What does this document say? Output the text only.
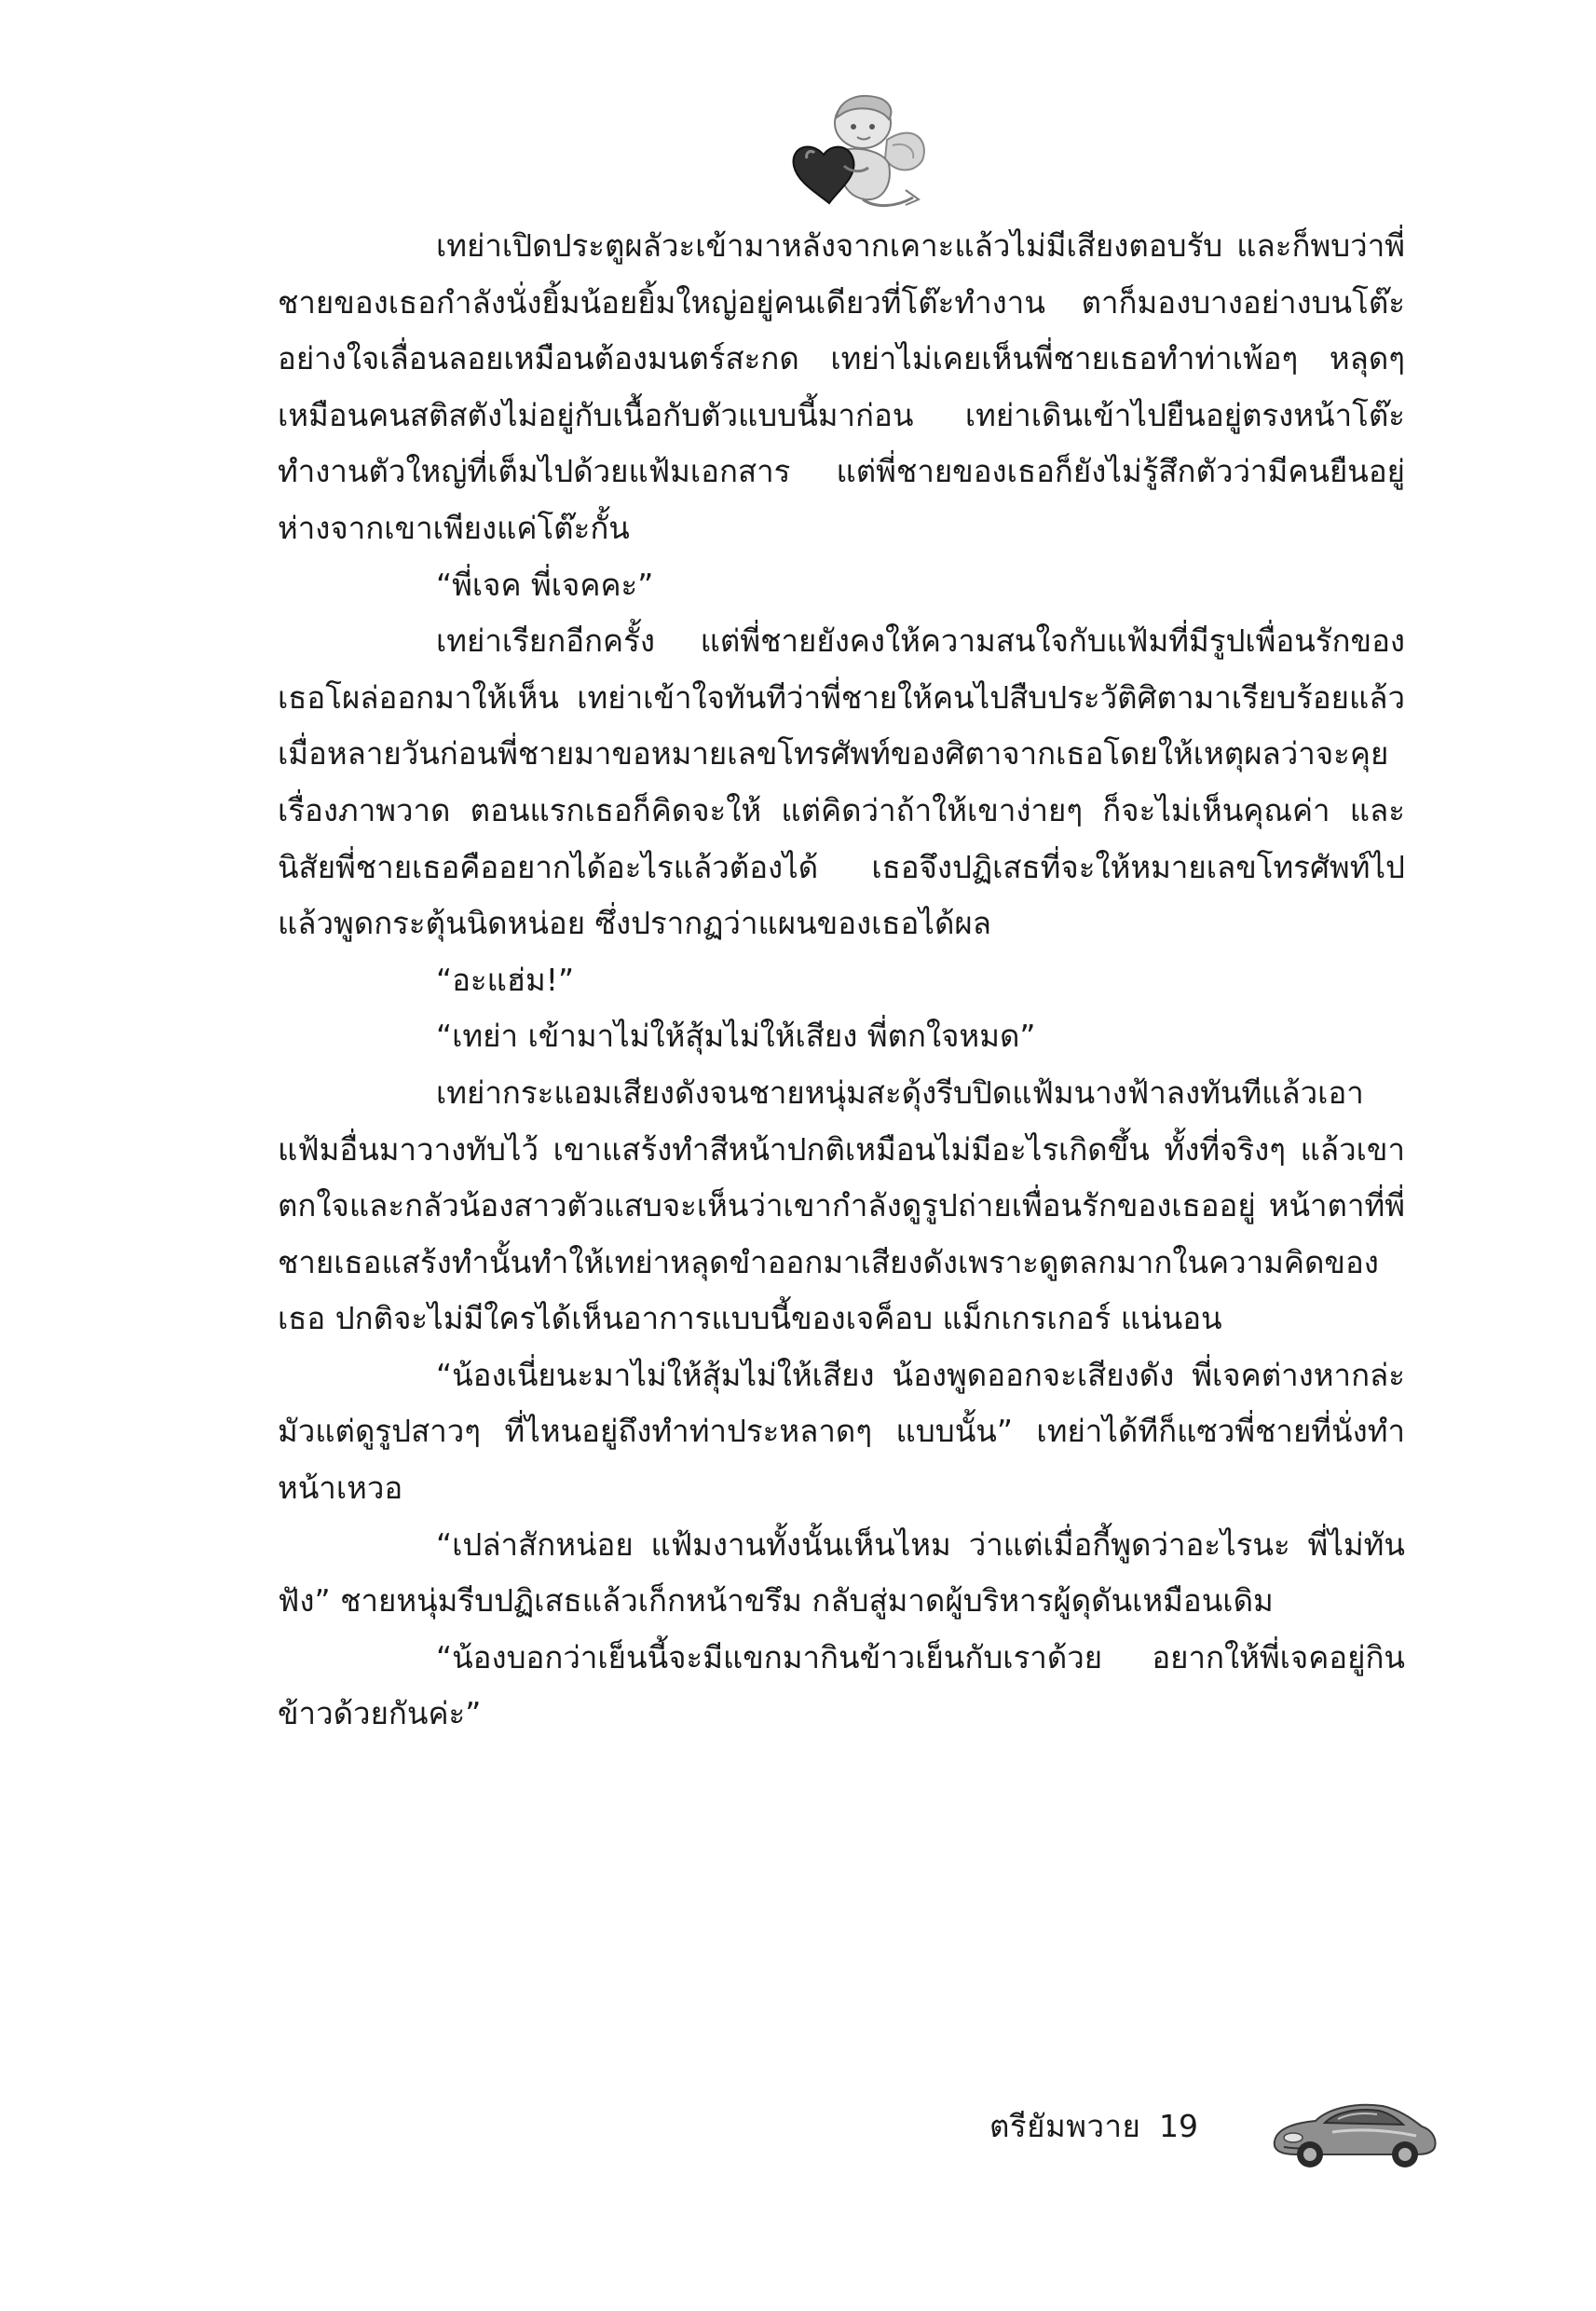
เทย่าเปิดประตูผลัวะเข้ามาหลังจากเคาะแล้วไม่มีเสียงตอบรับ และก็พบว่าพี่ชายของเธอกำลังนั่งยิ้มน้อยยิ้มใหญ่อยู่คนเดียวที่โต๊ะทำงาน ตาก็มองบางอย่างบนโต๊ะอย่างใจเลื่อนลอยเหมือนต้องมนตร์สะกด เทย่าไม่เคยเห็นพี่ชายเธอทำท่าเพ้อๆ หลุดๆ เหมือนคนสติสตังไม่อยู่กับเนื้อกับตัวแบบนี้มาก่อน เทย่าเดินเข้าไปยืนอยู่ตรงหน้าโต๊ะทำงานตัวใหญ่ที่เต็มไปด้วยแฟ้มเอกสาร แต่พี่ชายของเธอก็ยังไม่รู้สึกตัวว่ามีคนยืนอยู่ห่างจากเขาเพียงแค่โต๊ะกั้น

“พี่เจค พี่เจคคะ”

เทย่าเรียกอีกครั้ง แต่พี่ชายยังคงให้ความสนใจกับแฟ้มที่มีรูปเพื่อนรักของเธอโผล่ออกมาให้เห็น เทย่าเข้าใจทันทีว่าพี่ชายให้คนไปสืบประวัติศิตามาเรียบร้อยแล้ว เมื่อหลายวันก่อนพี่ชายมาขอหมายเลขโทรศัพท์ของศิตาจากเธอโดยให้เหตุผลว่าจะคุยเรื่องภาพวาด ตอนแรกเธอก็คิดจะให้ แต่คิดว่าถ้าให้เขาง่ายๆ ก็จะไม่เห็นคุณค่า และนิสัยพี่ชายเธอคืออยากได้อะไรแล้วต้องได้ เธอจึงปฏิเสธที่จะให้หมายเลขโทรศัพท์ไปแล้วพูดกระตุ้นนิดหน่อย ซึ่งปรากฏว่าแผนของเธอได้ผล

“อะแฮ่ม!”

“เทย่า เข้ามาไม่ให้สุ้มไม่ให้เสียง พี่ตกใจหมด”

เทย่ากระแอมเสียงดังจนชายหนุ่มสะดุ้งรีบปิดแฟ้มนางฟ้าลงทันทีแล้วเอาแฟ้มอื่นมาวางทับไว้ เขาแสร้งทำสีหน้าปกติเหมือนไม่มีอะไรเกิดขึ้น ทั้งที่จริงๆ แล้วเขาตกใจและกลัวน้องสาวตัวแสบจะเห็นว่าเขากำลังดูรูปถ่ายเพื่อนรักของเธออยู่ หน้าตาที่พี่ชายเธอแสร้งทำนั้นทำให้เทย่าหลุดขำออกมาเสียงดังเพราะดูตลกมากในความคิดของเธอ ปกติจะไม่มีใครได้เห็นอาการแบบนี้ของเจค็อบ แม็กเกรเกอร์ แน่นอน

“น้องเนี่ยนะมาไม่ให้สุ้มไม่ให้เสียง น้องพูดออกจะเสียงดัง พี่เจคต่างหากล่ะ มัวแต่ดูรูปสาวๆ ที่ไหนอยู่ถึงทำท่าประหลาดๆ แบบนั้น” เทย่าได้ทีก็แซวพี่ชายที่นั่งทำหน้าเหวอ

“เปล่าสักหน่อย แฟ้มงานทั้งนั้นเห็นไหม ว่าแต่เมื่อกี้พูดว่าอะไรนะ พี่ไม่ทันฟัง” ชายหนุ่มรีบปฏิเสธแล้วเก็กหน้าขรึม กลับสู่มาดผู้บริหารผู้ดุดันเหมือนเดิม

“น้องบอกว่าเย็นนี้จะมีแขกมากินข้าวเย็นกับเราด้วย อยากให้พี่เจคอยู่กินข้าวด้วยกันค่ะ”

ตรียัมพวาย 19
